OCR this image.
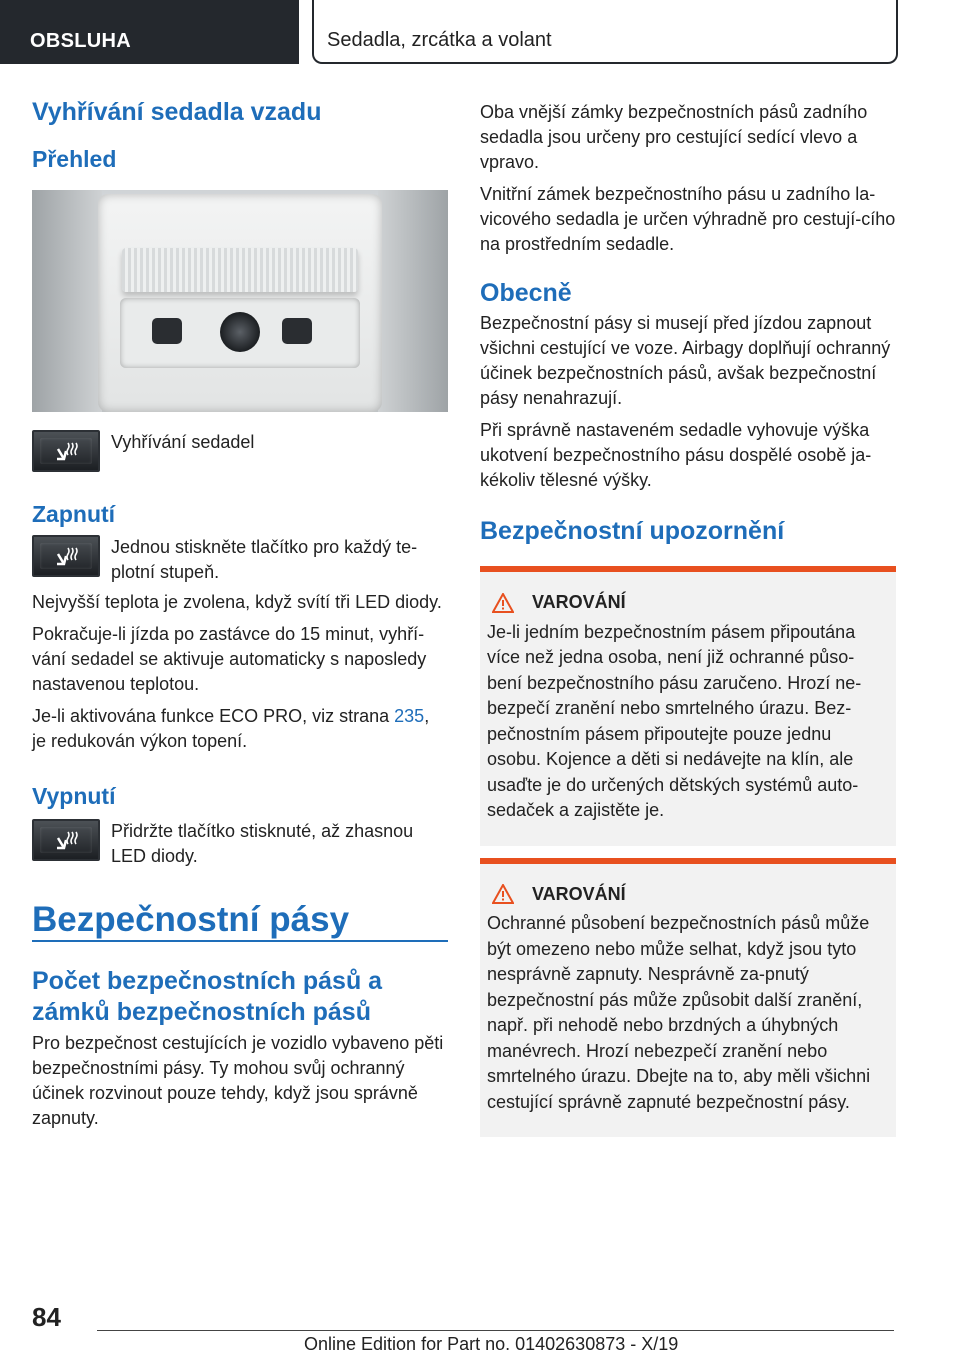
OBSLUHA	Sedadla, zrcátka a volant
Vyhřívání sedadla vzadu
Přehled
Vyhřívání sedadel
Zapnutí
Jednou stiskněte tlačítko pro každý te‐plotní stupeň.

Nejvyšší teplota je zvolena, když svítí tři LED diody.

Pokračuje-li jízda po zastávce do 15 minut, vyhří‐vání sedadel se aktivuje automaticky s naposledy nastavenou teplotou.

Je-li aktivována funkce ECO PRO, viz strana 235, je redukován výkon topení.

Vypnutí
Přidržte tlačítko stisknuté, až zhasnou LED diody.
Bezpečnostní pásy
Počet bezpečnostních pásů a zámků bezpečnostních pásů

Pro bezpečnost cestujících je vozidlo vybaveno pěti bezpečnostními pásy. Ty mohou svůj ochranný účinek rozvinout pouze tehdy, když jsou správně zapnuty.

Oba vnější zámky bezpečnostních pásů zadního sedadla jsou určeny pro cestující sedící vlevo a vpravo.

Vnitřní zámek bezpečnostního pásu u zadního la‐vicového sedadla je určen výhradně pro cestují‐cího na prostředním sedadle.

Obecně

Bezpečnostní pásy si musejí před jízdou zapnout všichni cestující ve voze. Airbagy doplňují ochranný účinek bezpečnostních pásů, avšak bezpečnostní pásy nenahrazují.

Při správně nastaveném sedadle vyhovuje výška ukotvení bezpečnostního pásu dospělé osobě ja‐kékoliv tělesné výšky.

Bezpečnostní upozornění
VAROVÁNÍ
Je-li jedním bezpečnostním pásem připoutána více než jedna osoba, není již ochranné půso‐bení bezpečnostního pásu zaručeno. Hrozí ne‐bezpečí zranění nebo smrtelného úrazu. Bez‐pečnostním pásem připoutejte pouze jednu osobu. Kojence a děti si nedávejte na klín, ale usaďte je do určených dětských systémů auto‐sedaček a zajistěte je.
VAROVÁNÍ
Ochranné působení bezpečnostních pásů může být omezeno nebo může selhat, když jsou tyto nesprávně zapnuty. Nesprávně za‐pnutý bezpečnostní pás může způsobit další zranění, např. při nehodě nebo brzdných a úhybných manévrech. Hrozí nebezpečí zranění nebo smrtelného úrazu. Dbejte na to, aby měli všichni cestující správně zapnuté bezpečnostní pásy.
84
Online Edition for Part no. 01402630873 - X/19
